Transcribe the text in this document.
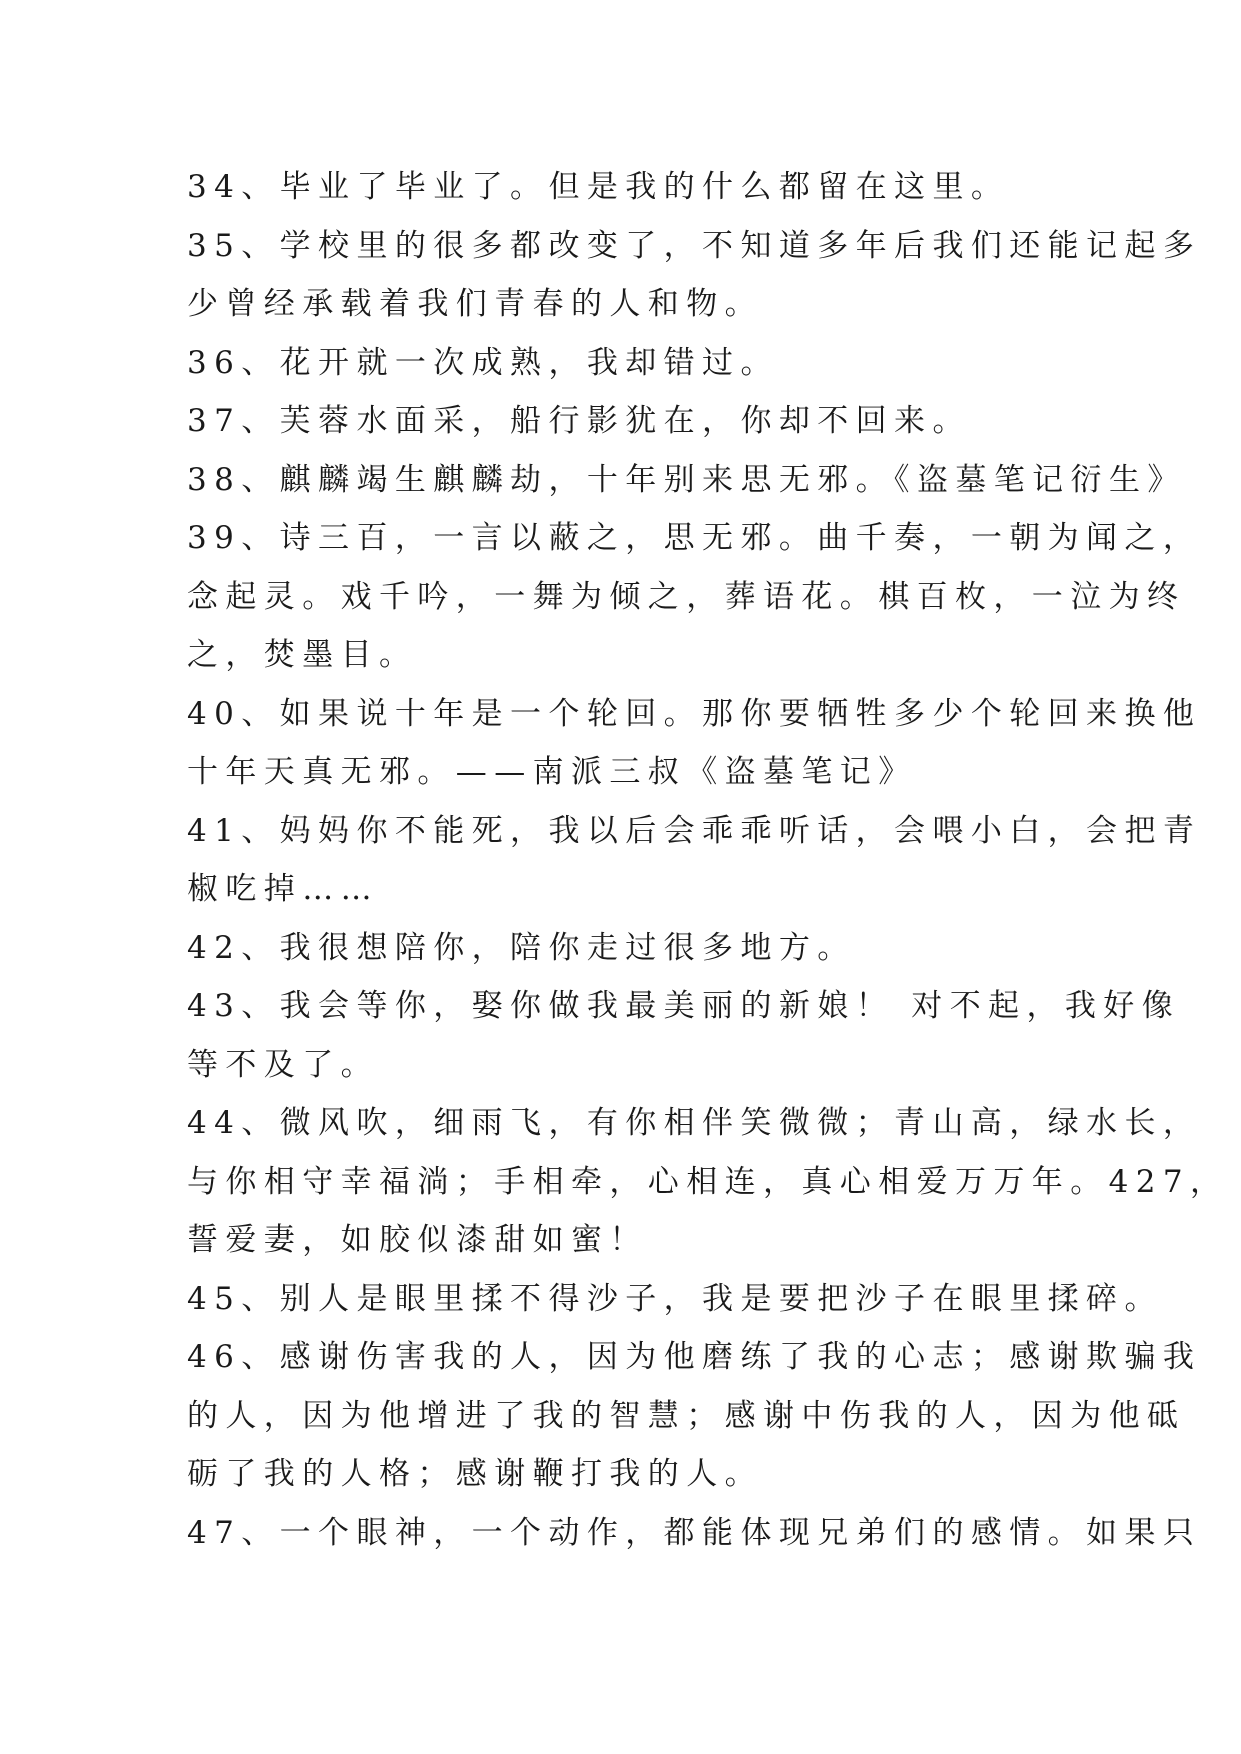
34、毕业了毕业了。但是我的什么都留在这里。
35、学校里的很多都改变了，不知道多年后我们还能记起多
少曾经承载着我们青春的人和物。
36、花开就一次成熟，我却错过。
37、芙蓉水面采，船行影犹在，你却不回来。
38、麒麟竭生麒麟劫，十年别来思无邪。《盗墓笔记衍生》
39、诗三百，一言以蔽之，思无邪。曲千奏，一朝为闻之，
念起灵。戏千吟，一舞为倾之，葬语花。棋百枚，一泣为终
之，焚墨目。
40、如果说十年是一个轮回。那你要牺牲多少个轮回来换他
十年天真无邪。——南派三叔《盗墓笔记》
41、妈妈你不能死，我以后会乖乖听话，会喂小白，会把青
椒吃掉……
42、我很想陪你，陪你走过很多地方。
43、我会等你，娶你做我最美丽的新娘！ 对不起，我好像
等不及了。
44、微风吹，细雨飞，有你相伴笑微微；青山高，绿水长，
与你相守幸福淌；手相牵，心相连，真心相爱万万年。427，
誓爱妻，如胶似漆甜如蜜！
45、别人是眼里揉不得沙子，我是要把沙子在眼里揉碎。
46、感谢伤害我的人，因为他磨练了我的心志；感谢欺骗我
的人，因为他增进了我的智慧；感谢中伤我的人，因为他砥
砺了我的人格；感谢鞭打我的人。
47、一个眼神，一个动作，都能体现兄弟们的感情。如果只
